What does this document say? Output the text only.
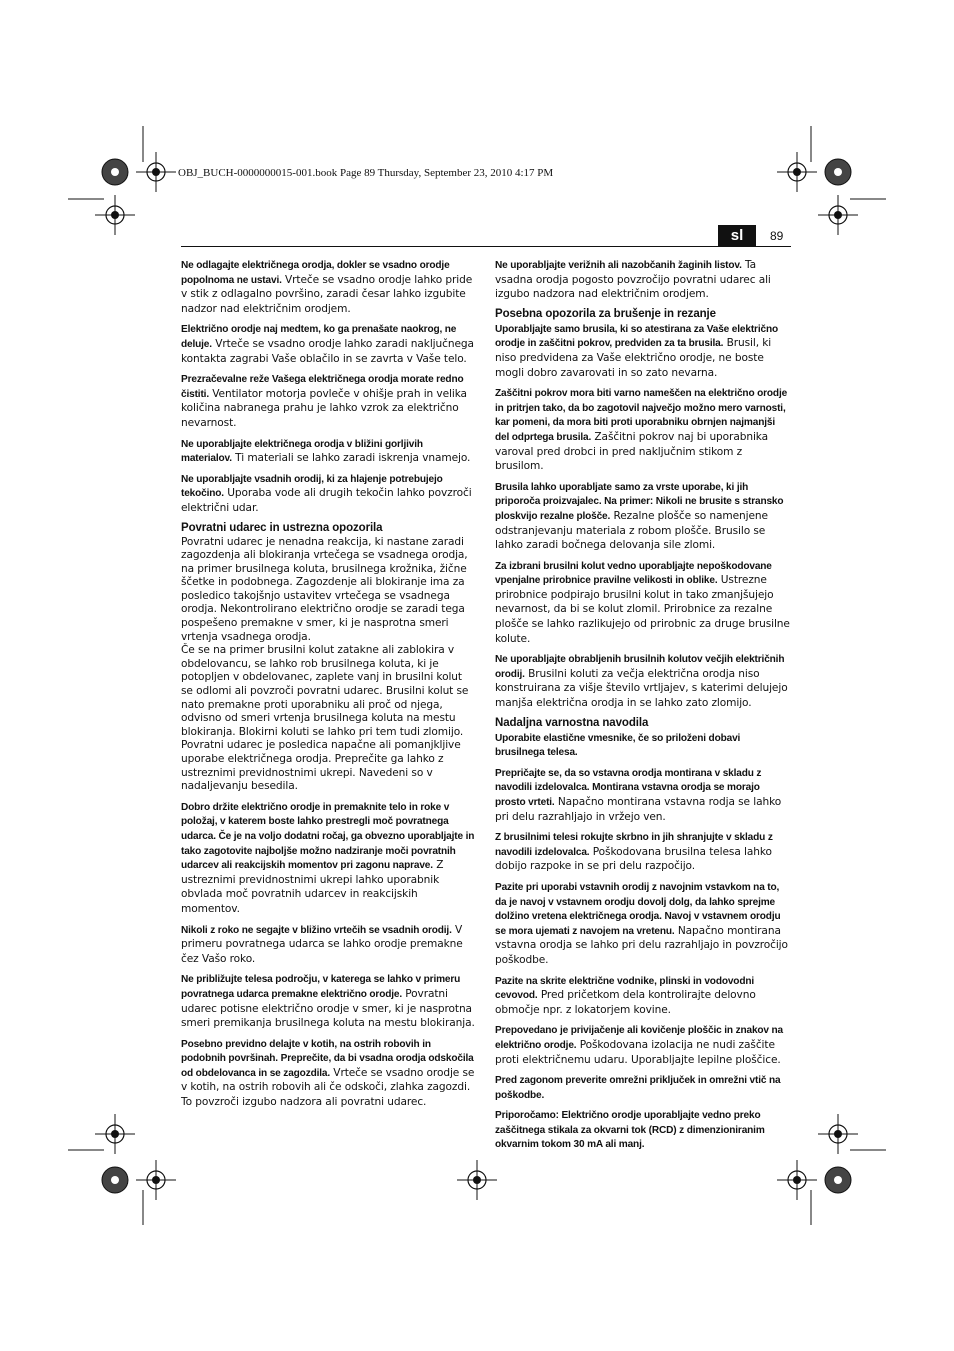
OBJ_BUCH-0000000015-001.book Page 89 Thursday, September 23, 2010 4:17 PM
sl	89

Ne odlagajte električnega orodja, dokler se vsadno orodje popolnoma ne ustavi. Vrteče se vsadno orodje lahko pride v stik z odlagalno površino, zaradi česar lahko izgubite nadzor nad električnim orodjem.

Električno orodje naj medtem, ko ga prenašate naokrog, ne deluje. Vrteče se vsadno orodje lahko zaradi naključnega kontakta zagrabi Vaše oblačilo in se zavrta v Vaše telo.

Prezračevalne reže Vašega električnega orodja morate redno čistiti. Ventilator motorja povleče v ohišje prah in velika količina nabranega prahu je lahko vzrok za električno nevarnost.

Ne uporabljajte električnega orodja v bližini gorljivih materialov. Ti materiali se lahko zaradi iskrenja vnamejo.

Ne uporabljajte vsadnih orodij, ki za hlajenje potrebujejo tekočino. Uporaba vode ali drugih tekočin lahko povzroči električni udar.

Povratni udarec in ustrezna opozorila

Povratni udarec je nenadna reakcija, ki nastane zaradi zagozdenja ali blokiranja vrtečega se vsadnega orodja, na primer brusilnega koluta, brusilnega krožnika, žične ščetke in podobnega. Zagozdenje ali blokiranje ima za posledico takojšnjo ustavitev vrtečega se vsadnega orodja. Nekontrolirano električno orodje se zaradi tega pospešeno premakne v smer, ki je nasprotna smeri vrtenja vsadnega orodja.

Če se na primer brusilni kolut zatakne ali zablokira v obdelovancu, se lahko rob brusilnega koluta, ki je potopljen v obdelovanec, zaplete vanj in brusilni kolut se odlomi ali povzroči povratni udarec. Brusilni kolut se nato premakne proti uporabniku ali proč od njega, odvisno od smeri vrtenja brusilnega koluta na mestu blokiranja. Blokirni koluti se lahko pri tem tudi zlomijo.

Povratni udarec je posledica napačne ali pomanjkljive uporabe električnega orodja. Preprečite ga lahko z ustreznimi previdnostnimi ukrepi. Navedeni so v nadaljevanju besedila.

Dobro držite električno orodje in premaknite telo in roke v položaj, v katerem boste lahko prestregli moč povratnega udarca. Če je na voljo dodatni ročaj, ga obvezno uporabljajte in tako zagotovite najboljše možno nadziranje moči povratnih udarcev ali reakcijskih momentov pri zagonu naprave. Z ustreznimi previdnostnimi ukrepi lahko uporabnik obvlada moč povratnih udarcev in reakcijskih momentov.

Nikoli z roko ne segajte v bližino vrtečih se vsadnih orodij. V primeru povratnega udarca se lahko orodje premakne čez Vašo roko.

Ne približujte telesa področju, v katerega se lahko v primeru povratnega udarca premakne električno orodje. Povratni udarec potisne električno orodje v smer, ki je nasprotna smeri premikanja brusilnega koluta na mestu blokiranja.

Posebno previdno delajte v kotih, na ostrih robovih in podobnih površinah. Preprečite, da bi vsadna orodja odskočila od obdelovanca in se zagozdila. Vrteče se vsadno orodje se v kotih, na ostrih robovih ali če odskoči, zlahka zagozdi. To povzroči izgubo nadzora ali povratni udarec.

Ne uporabljajte verižnih ali nazobčanih žaginih listov. Ta vsadna orodja pogosto povzročijo povratni udarec ali izgubo nadzora nad električnim orodjem.

Posebna opozorila za brušenje in rezanje

Uporabljajte samo brusila, ki so atestirana za Vaše električno orodje in zaščitni pokrov, predviden za ta brusila. Brusil, ki niso predvidena za Vaše električno orodje, ne boste mogli dobro zavarovati in so zato nevarna.

Zaščitni pokrov mora biti varno nameščen na električno orodje in pritrjen tako, da bo zagotovil največjo možno mero varnosti, kar pomeni, da mora biti proti uporabniku obrnjen najmanjši del odprtega brusila. Zaščitni pokrov naj bi uporabnika varoval pred drobci in pred naključnim stikom z brusilom.

Brusila lahko uporabljate samo za vrste uporabe, ki jih priporoča proizvajalec. Na primer: Nikoli ne brusite s stransko ploskvijo rezalne plošče. Rezalne plošče so namenjene odstranjevanju materiala z robom plošče. Brusilo se lahko zaradi bočnega delovanja sile zlomi.

Za izbrani brusilni kolut vedno uporabljajte nepoškodovane vpenjalne prirobnice pravilne velikosti in oblike. Ustrezne prirobnice podpirajo brusilni kolut in tako zmanjšujejo nevarnost, da bi se kolut zlomil. Prirobnice za rezalne plošče se lahko razlikujejo od prirobnic za druge brusilne kolute.

Ne uporabljajte obrabljenih brusilnih kolutov večjih električnih orodij. Brusilni koluti za večja električna orodja niso konstruirana za višje število vrtljajev, s katerimi delujejo manjša električna orodja in se lahko zato zlomijo.

Nadaljna varnostna navodila

Uporabite elastične vmesnike, če so priloženi dobavi brusilnega telesa.

Prepričajte se, da so vstavna orodja montirana v skladu z navodili izdelovalca. Montirana vstavna orodja se morajo prosto vrteti. Napačno montirana vstavna rodja se lahko pri delu razrahljajo in vržejo ven.

Z brusilnimi telesi rokujte skrbno in jih shranjujte v skladu z navodili izdelovalca. Poškodovana brusilna telesa lahko dobijo razpoke in se pri delu razpočijo.

Pazite pri uporabi vstavnih orodij z navojnim vstavkom na to, da je navoj v vstavnem orodju dovolj dolg, da lahko sprejme dolžino vretena električnega orodja. Navoj v vstavnem orodju se mora ujemati z navojem na vretenu. Napačno montirana vstavna orodja se lahko pri delu razrahljajo in povzročijo poškodbe.

Pazite na skrite električne vodnike, plinski in vodovodni cevovod. Pred pričetkom dela kontrolirajte delovno območje npr. z lokatorjem kovine.

Prepovedano je privijačenje ali kovičenje ploščic in znakov na električno orodje. Poškodovana izolacija ne nudi zaščite proti električnemu udaru. Uporabljajte lepilne ploščice.

Pred zagonom preverite omrežni priključek in omrežni vtič na poškodbe.

Priporočamo: Električno orodje uporabljajte vedno preko zaščitnega stikala za okvarni tok (RCD) z dimenzioniranim okvarnim tokom 30 mA ali manj.
